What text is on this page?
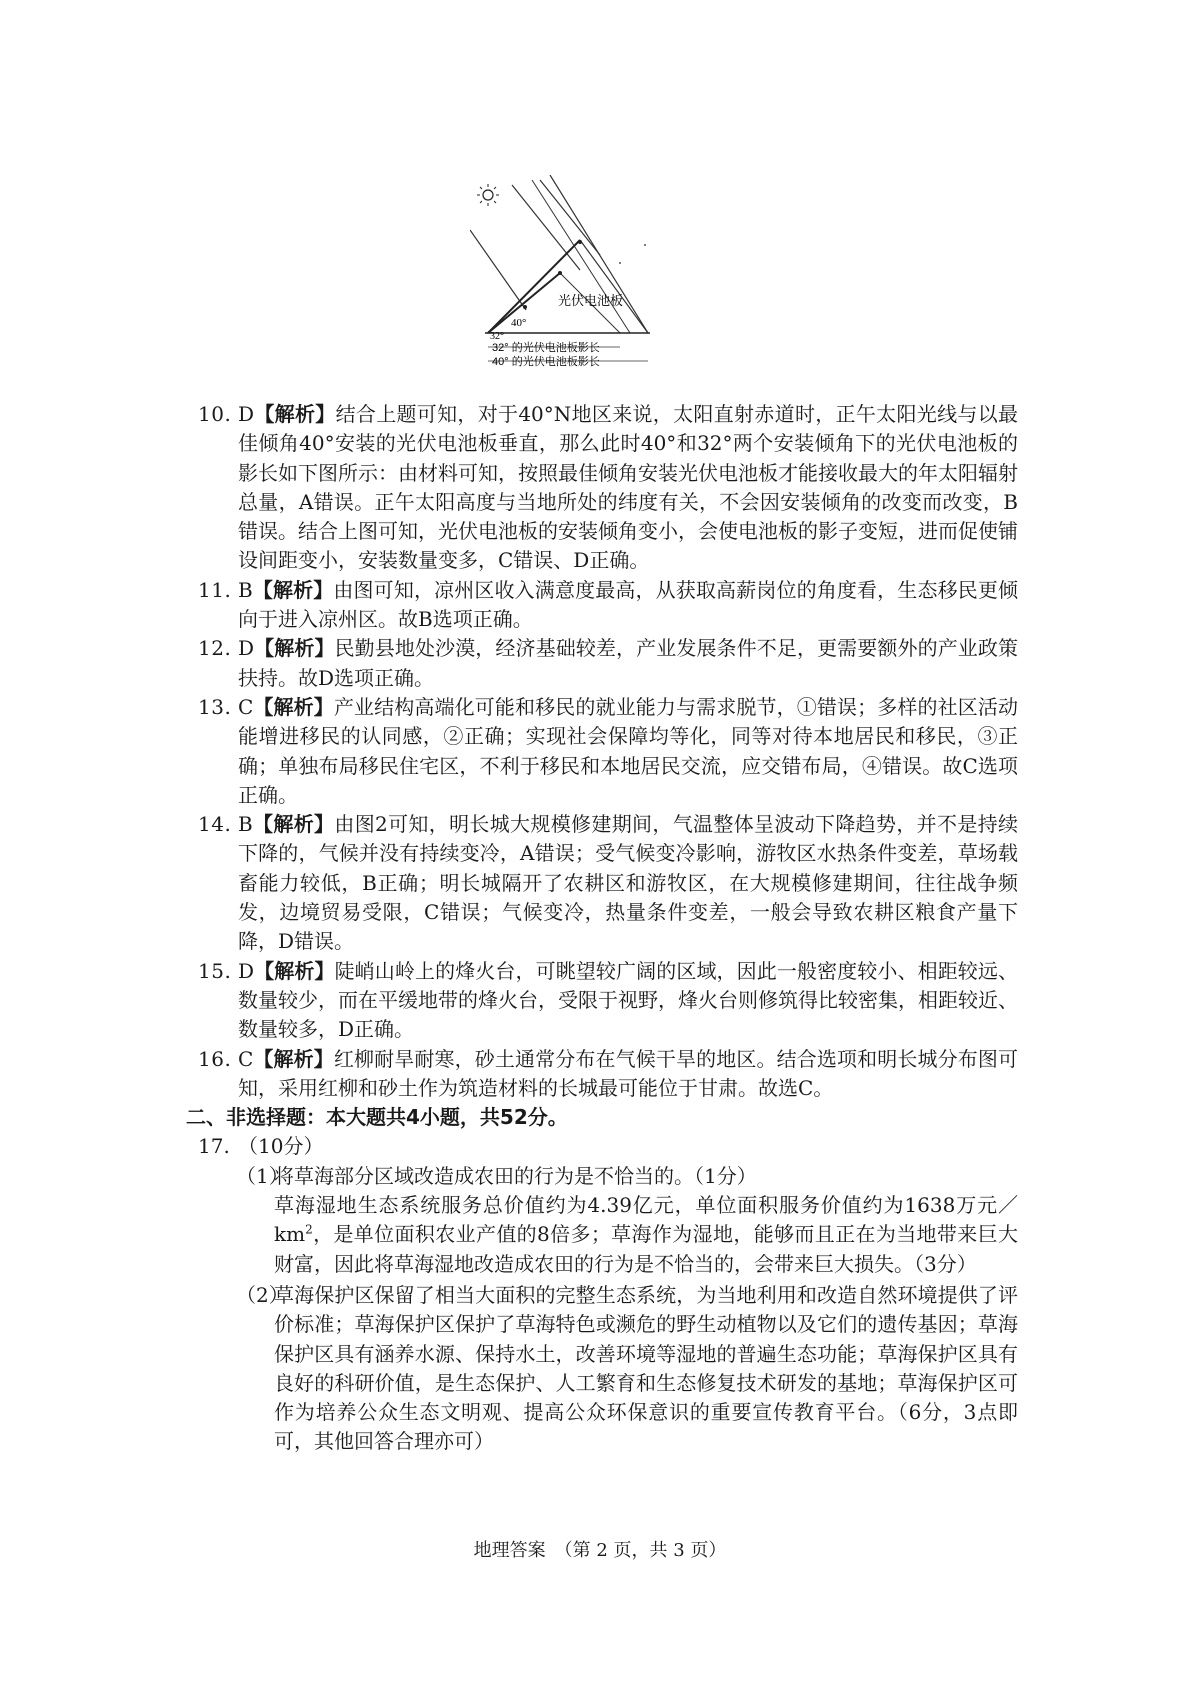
光伏电池板
40°
32°
32° 的光伏电池板影长
40° 的光伏电池板影长
10. D【解析】结合上题可知，对于40°N地区来说，太阳直射赤道时，正午太阳光线与以最佳倾角40°安装的光伏电池板垂直，那么此时40°和32°两个安装倾角下的光伏电池板的影长如下图所示：由材料可知，按照最佳倾角安装光伏电池板才能接收最大的年太阳辐射总量，A错误。正午太阳高度与当地所处的纬度有关，不会因安装倾角的改变而改变，B错误。结合上图可知，光伏电池板的安装倾角变小，会使电池板的影子变短，进而促使铺设间距变小，安装数量变多，C错误、D正确。
11. B【解析】由图可知，凉州区收入满意度最高，从获取高薪岗位的角度看，生态移民更倾向于进入凉州区。故B选项正确。
12. D【解析】民勤县地处沙漠，经济基础较差，产业发展条件不足，更需要额外的产业政策扶持。故D选项正确。
13. C【解析】产业结构高端化可能和移民的就业能力与需求脱节，①错误；多样的社区活动能增进移民的认同感，②正确；实现社会保障均等化，同等对待本地居民和移民，③正确；单独布局移民住宅区，不利于移民和本地居民交流，应交错布局，④错误。故C选项正确。
14. B【解析】由图2可知，明长城大规模修建期间，气温整体呈波动下降趋势，并不是持续下降的，气候并没有持续变冷，A错误；受气候变冷影响，游牧区水热条件变差，草场载畜能力较低，B正确；明长城隔开了农耕区和游牧区，在大规模修建期间，往往战争频发，边境贸易受限，C错误；气候变冷，热量条件变差，一般会导致农耕区粮食产量下降，D错误。
15. D【解析】陡峭山岭上的烽火台，可眺望较广阔的区域，因此一般密度较小、相距较远、数量较少，而在平缓地带的烽火台，受限于视野，烽火台则修筑得比较密集，相距较近、数量较多，D正确。
16. C【解析】红柳耐旱耐寒，砂土通常分布在气候干旱的地区。结合选项和明长城分布图可知，采用红柳和砂土作为筑造材料的长城最可能位于甘肃。故选C。
二、非选择题：本大题共4小题，共52分。
17. （10分）
（1）
将草海部分区域改造成农田的行为是不恰当的。（1分）
草海湿地生态系统服务总价值约为4.39亿元，单位面积服务价值约为1638万元$/km^2$，是单位面积农业产值的8倍多；草海作为湿地，能够而且正在为当地带来巨大财富，因此将草海湿地改造成农田的行为是不恰当的，会带来巨大损失。（3分）
（2）
草海保护区保留了相当大面积的完整生态系统，为当地利用和改造自然环境提供了评价标准；草海保护区保护了草海特色或濒危的野生动植物以及它们的遗传基因；草海保护区具有涵养水源、保持水土，改善环境等湿地的普遍生态功能；草海保护区具有良好的科研价值，是生态保护、人工繁育和生态修复技术研发的基地；草海保护区可作为培养公众生态文明观、提高公众环保意识的重要宣传教育平台。（6分，3点即可，其他回答合理亦可）
地理答案　（第 2 页，共 3 页）
